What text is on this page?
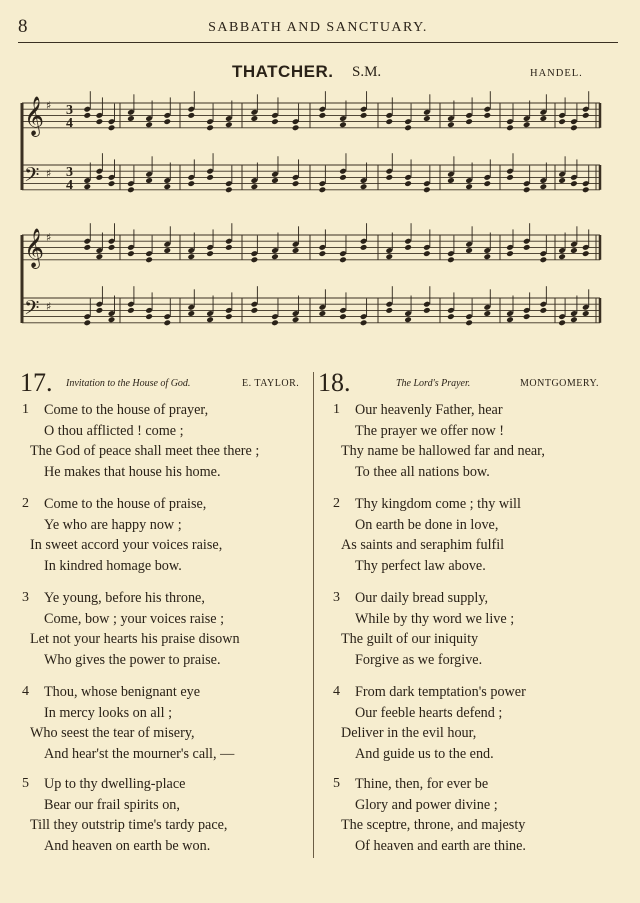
8	SABBATH AND SANCTUARY.
THATCHER. S.M.	HANDEL.
𝄞 ♯
𝄢 ♯
𝄞 ♯
𝄢 ♯
3
4
3
4
17. Invitation to the House of God.	E. TAYLOR. 18.	The Lord's Prayer.	MONTGOMERY.
1 Come to the house of prayer,
O thou afflicted ! come ;
The God of peace shall meet thee there ;
He makes that house his home.
2 Come to the house of praise,
Ye who are happy now ;
In sweet accord your voices raise,
In kindred homage bow.
3 Ye young, before his throne,
Come, bow ; your voices raise ;
Let not your hearts his praise disown
Who gives the power to praise.
4 Thou, whose benignant eye
In mercy looks on all ;
Who seest the tear of misery,
And hear'st the mourner's call, —
5 Up to thy dwelling-place
Bear our frail spirits on,
Till they outstrip time's tardy pace,
And heaven on earth be won.
1 Our heavenly Father, hear
The prayer we offer now !
Thy name be hallowed far and near,
To thee all nations bow.
2 Thy kingdom come ; thy will
On earth be done in love,
As saints and seraphim fulfil
Thy perfect law above.
3 Our daily bread supply,
While by thy word we live ;
The guilt of our iniquity
Forgive as we forgive.
4 From dark temptation's power
Our feeble hearts defend ;
Deliver in the evil hour,
And guide us to the end.
5 Thine, then, for ever be
Glory and power divine ;
The sceptre, throne, and majesty
Of heaven and earth are thine.
